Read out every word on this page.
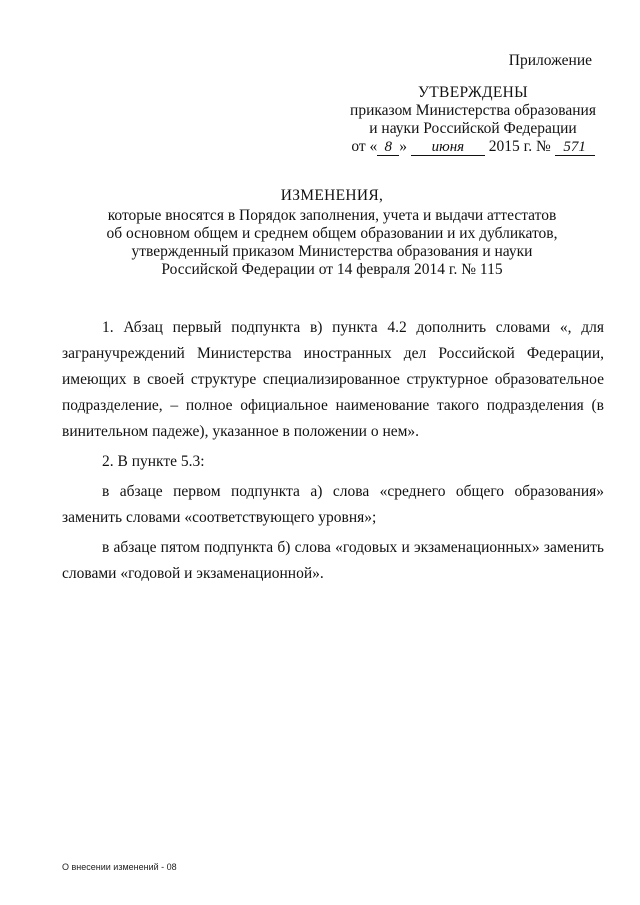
Приложение
УТВЕРЖДЕНЫ
приказом Министерства образования
и науки Российской Федерации
от « 8 » июня 2015 г. № 571
ИЗМЕНЕНИЯ,
которые вносятся в Порядок заполнения, учета и выдачи аттестатов
об основном общем и среднем общем образовании и их дубликатов,
утвержденный приказом Министерства образования и науки
Российской Федерации от 14 февраля 2014 г. № 115

1. Абзац первый подпункта в) пункта 4.2 дополнить словами «, для загранучреждений Министерства иностранных дел Российской Федерации, имеющих в своей структуре специализированное структурное образовательное подразделение, – полное официальное наименование такого подразделения (в винительном падеже), указанное в положении о нем».

2. В пункте 5.3:

в абзаце первом подпункта а) слова «среднего общего образования» заменить словами «соответствующего уровня»;

в абзаце пятом подпункта б) слова «годовых и экзаменационных» заменить словами «годовой и экзаменационной».

О внесении изменений - 08
